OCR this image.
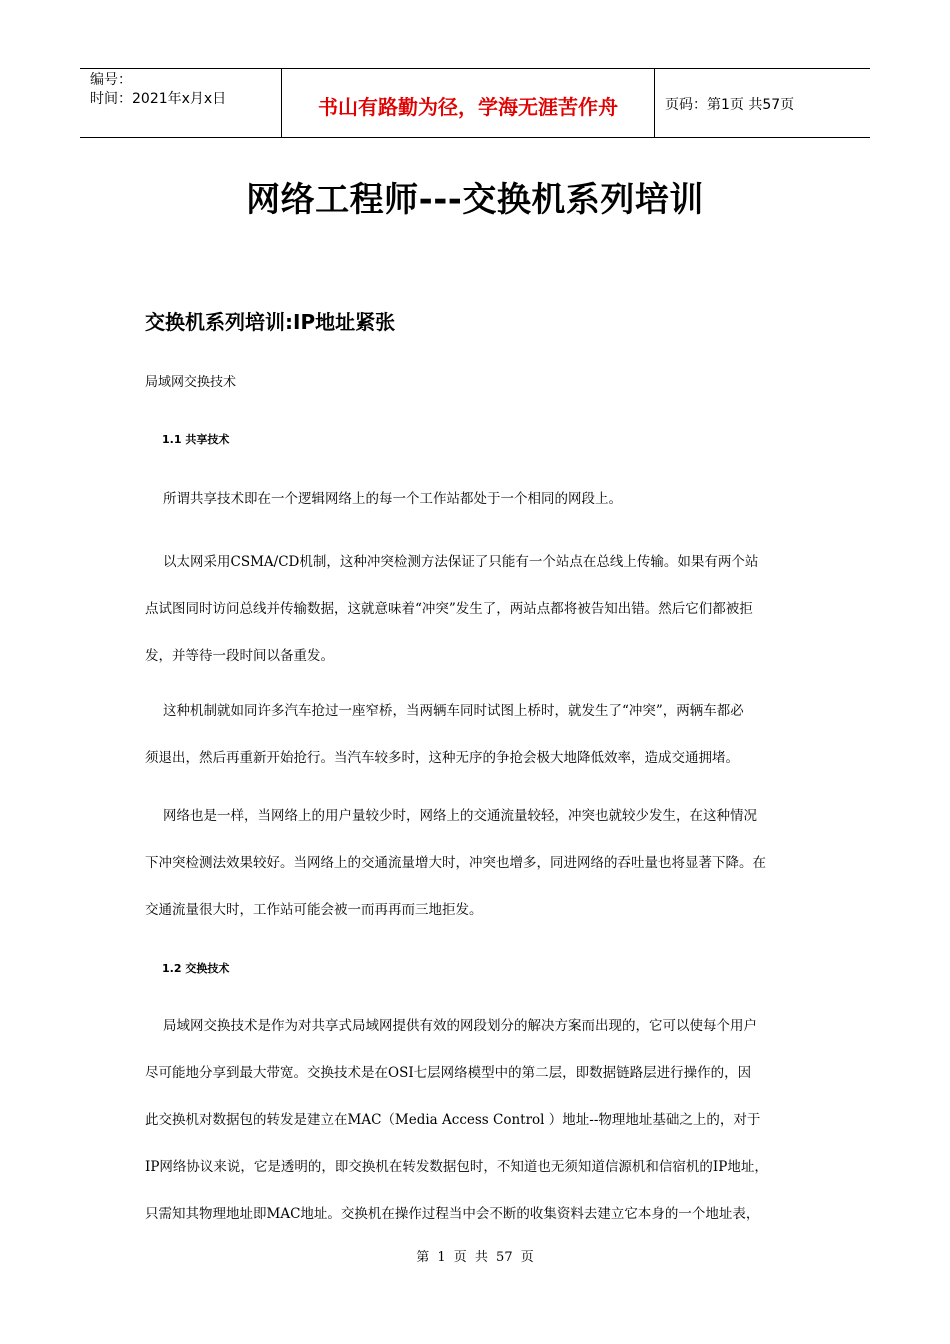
编号：
时间：2021年x月x日	书山有路勤为径，学海无涯苦作舟	页码：第1页 共57页
网络工程师---交换机系列培训
交换机系列培训:IP地址紧张
局域网交换技术
1.1 共享技术
所谓共享技术即在一个逻辑网络上的每一个工作站都处于一个相同的网段上。
以太网采用CSMA/CD机制，这种冲突检测方法保证了只能有一个站点在总线上传输。如果有两个站
点试图同时访问总线并传输数据，这就意味着“冲突”发生了，两站点都将被告知出错。然后它们都被拒
发，并等待一段时间以备重发。
这种机制就如同许多汽车抢过一座窄桥，当两辆车同时试图上桥时，就发生了“冲突”，两辆车都必
须退出，然后再重新开始抢行。当汽车较多时，这种无序的争抢会极大地降低效率，造成交通拥堵。
网络也是一样，当网络上的用户量较少时，网络上的交通流量较轻，冲突也就较少发生，在这种情况
下冲突检测法效果较好。当网络上的交通流量增大时，冲突也增多，同进网络的吞吐量也将显著下降。在
交通流量很大时，工作站可能会被一而再再而三地拒发。
1.2 交换技术
局域网交换技术是作为对共享式局域网提供有效的网段划分的解决方案而出现的，它可以使每个用户
尽可能地分享到最大带宽。交换技术是在OSI七层网络模型中的第二层，即数据链路层进行操作的，因
此交换机对数据包的转发是建立在MAC（Media Access Control ）地址--物理地址基础之上的，对于
IP网络协议来说，它是透明的，即交换机在转发数据包时，不知道也无须知道信源机和信宿机的IP地址，
只需知其物理地址即MAC地址。交换机在操作过程当中会不断的收集资料去建立它本身的一个地址表，
第 1 页 共 57 页
